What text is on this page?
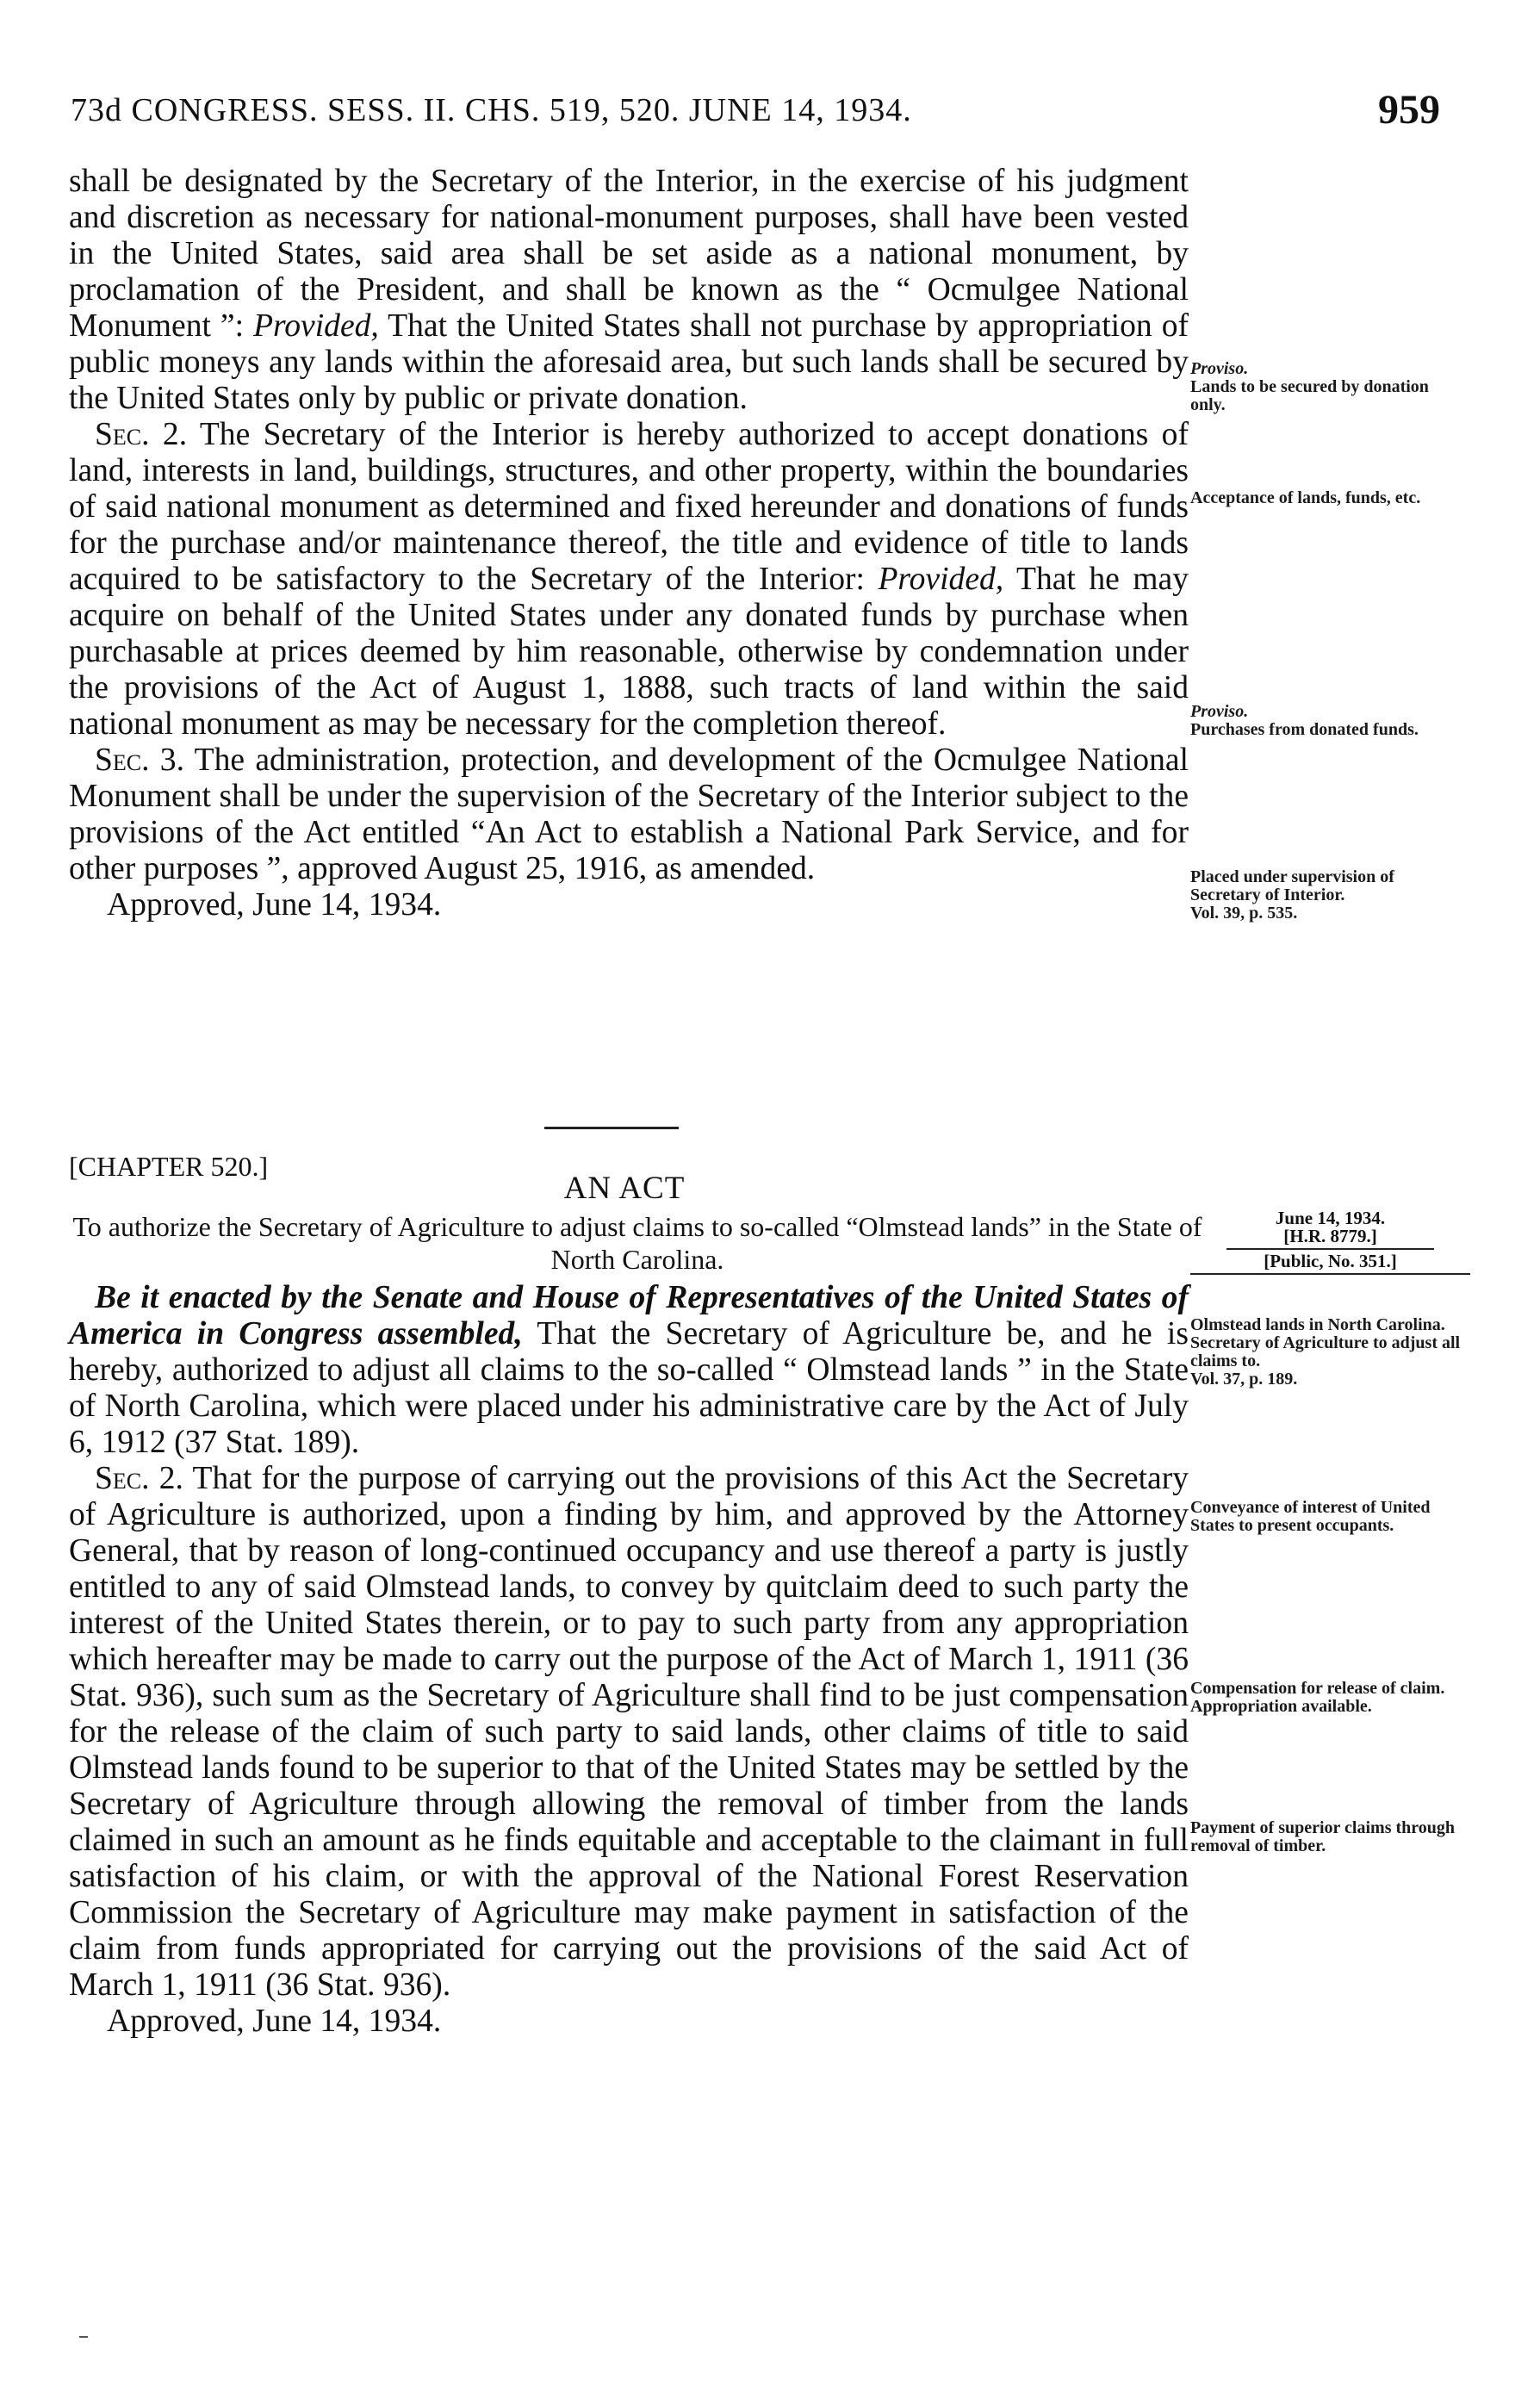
73d CONGRESS. SESS. II. CHS. 519, 520. JUNE 14, 1934.	959

shall be designated by the Secretary of the Interior, in the exercise of his judgment and discretion as necessary for national-monument purposes, shall have been vested in the United States, said area shall be set aside as a national monument, by proclamation of the President, and shall be known as the “ Ocmulgee National Monument ”: Provided, That the United States shall not purchase by appropriation of public moneys any lands within the aforesaid area, but such lands shall be secured by the United States only by public or private donation.

Sec. 2. The Secretary of the Interior is hereby authorized to accept donations of land, interests in land, buildings, structures, and other property, within the boundaries of said national monument as determined and fixed hereunder and donations of funds for the purchase and/or maintenance thereof, the title and evidence of title to lands acquired to be satisfactory to the Secretary of the Interior: Provided, That he may acquire on behalf of the United States under any donated funds by purchase when purchasable at prices deemed by him reasonable, otherwise by condemnation under the provisions of the Act of August 1, 1888, such tracts of land within the said national monument as may be necessary for the completion thereof.

Sec. 3. The administration, protection, and development of the Ocmulgee National Monument shall be under the supervision of the Secretary of the Interior subject to the provisions of the Act entitled “An Act to establish a National Park Service, and for other purposes ”, approved August 25, 1916, as amended.

Approved, June 14, 1934.

[CHAPTER 520.]
AN ACT
To authorize the Secretary of Agriculture to adjust claims to so-called “Olmstead lands” in the State of North Carolina.
June 14, 1934.
[H.R. 8779.]
[Public, No. 351.]

Be it enacted by the Senate and House of Representatives of the United States of America in Congress assembled, That the Secretary of Agriculture be, and he is hereby, authorized to adjust all claims to the so-called “ Olmstead lands ” in the State of North Carolina, which were placed under his administrative care by the Act of July 6, 1912 (37 Stat. 189).

Sec. 2. That for the purpose of carrying out the provisions of this Act the Secretary of Agriculture is authorized, upon a finding by him, and approved by the Attorney General, that by reason of long-continued occupancy and use thereof a party is justly entitled to any of said Olmstead lands, to convey by quitclaim deed to such party the interest of the United States therein, or to pay to such party from any appropriation which hereafter may be made to carry out the purpose of the Act of March 1, 1911 (36 Stat. 936), such sum as the Secretary of Agriculture shall find to be just compensation for the release of the claim of such party to said lands, other claims of title to said Olmstead lands found to be superior to that of the United States may be settled by the Secretary of Agriculture through allowing the removal of timber from the lands claimed in such an amount as he finds equitable and acceptable to the claimant in full satisfaction of his claim, or with the approval of the National Forest Reservation Commission the Secretary of Agriculture may make payment in satisfaction of the claim from funds appropriated for carrying out the provisions of the said Act of March 1, 1911 (36 Stat. 936).

Approved, June 14, 1934.

Proviso.
Lands to be secured by donation only.
Acceptance of lands, funds, etc.
Proviso.
Purchases from donated funds.
Placed under supervision of Secretary of Interior.
Vol. 39, p. 535.
Olmstead lands in North Carolina.
Secretary of Agriculture to adjust all claims to.
Vol. 37, p. 189.
Conveyance of interest of United States to present occupants.
Compensation for release of claim.
Appropriation available.
Payment of superior claims through removal of timber.
